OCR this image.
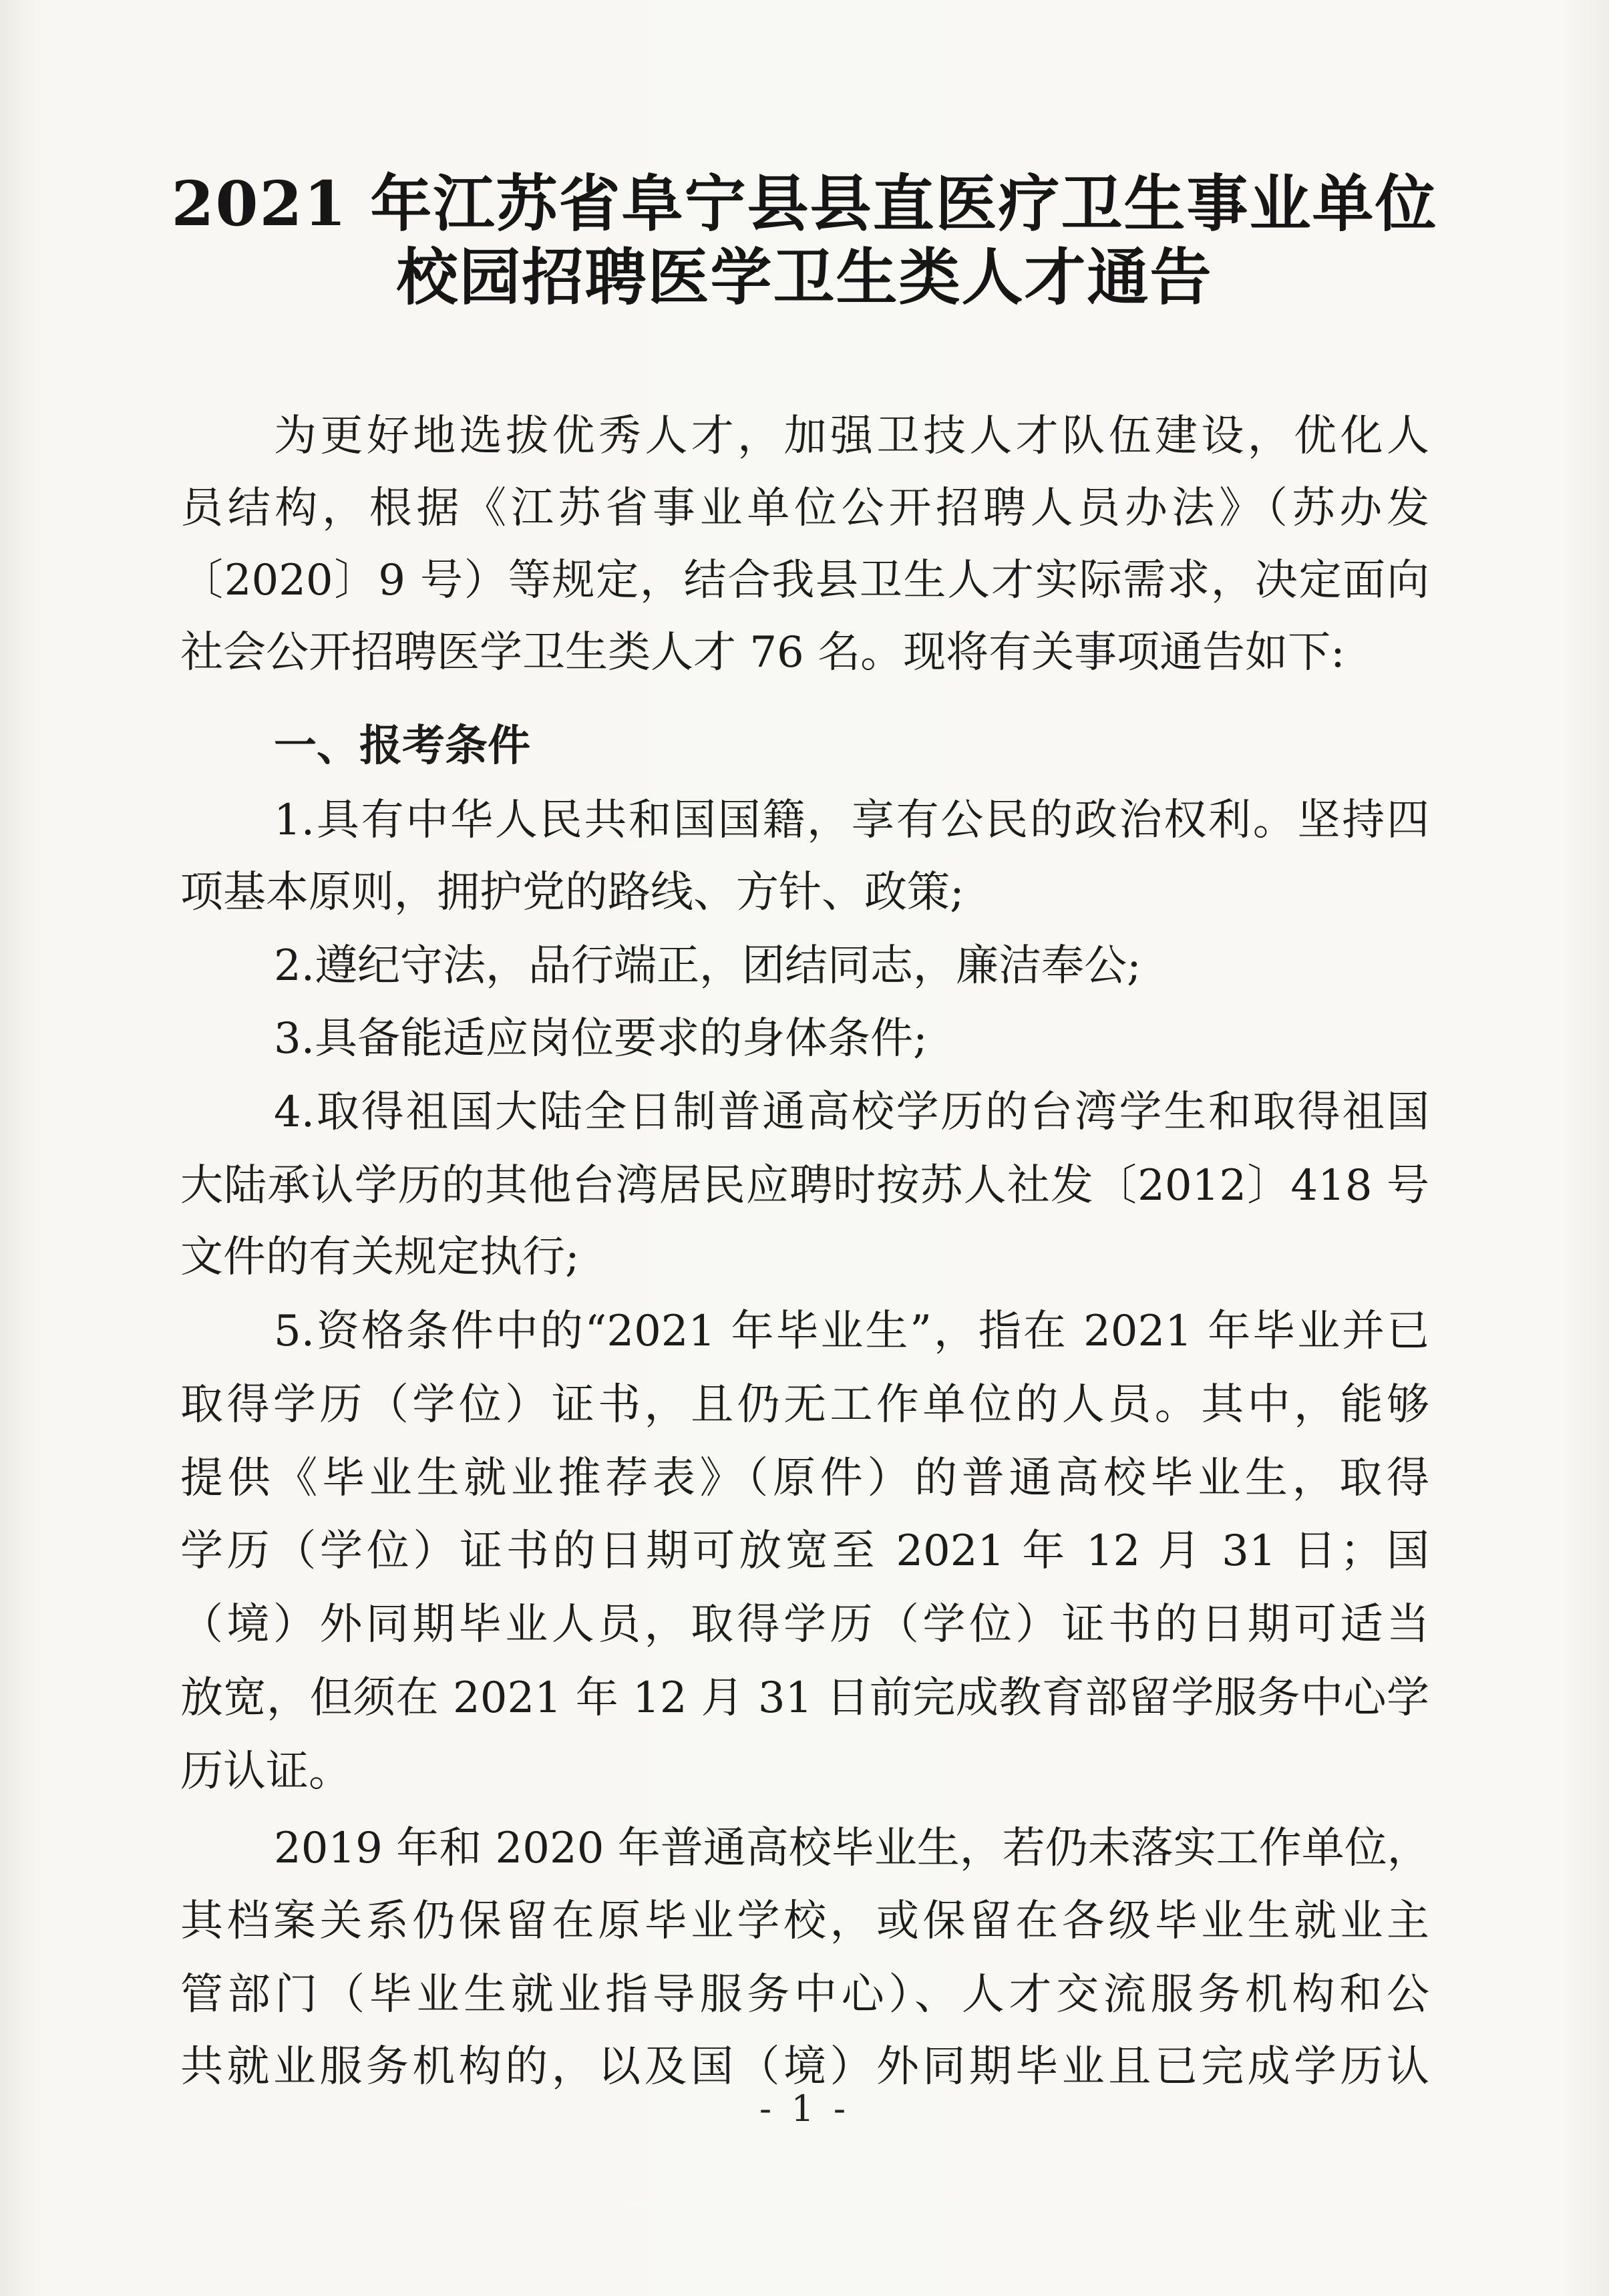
2021 年江苏省阜宁县县直医疗卫生事业单位
校园招聘医学卫生类人才通告
为更好地选拔优秀人才，加强卫技人才队伍建设，优化人
员结构，根据《江苏省事业单位公开招聘人员办法》（苏办发
〔2020〕9 号）等规定，结合我县卫生人才实际需求，决定面向
社会公开招聘医学卫生类人才 76 名。现将有关事项通告如下:
一、报考条件
1.具有中华人民共和国国籍，享有公民的政治权利。坚持四
项基本原则，拥护党的路线、方针、政策;
2.遵纪守法，品行端正，团结同志，廉洁奉公;
3.具备能适应岗位要求的身体条件;
4.取得祖国大陆全日制普通高校学历的台湾学生和取得祖国
大陆承认学历的其他台湾居民应聘时按苏人社发〔2012〕418 号
文件的有关规定执行;
5.资格条件中的“2021 年毕业生”，指在 2021 年毕业并已
取得学历（学位）证书，且仍无工作单位的人员。其中，能够
提供《毕业生就业推荐表》（原件）的普通高校毕业生，取得
学历（学位）证书的日期可放宽至 2021 年 12 月 31 日；国
（境）外同期毕业人员，取得学历（学位）证书的日期可适当
放宽，但须在 2021 年 12 月 31 日前完成教育部留学服务中心学
历认证。
2019 年和 2020 年普通高校毕业生，若仍未落实工作单位，
其档案关系仍保留在原毕业学校，或保留在各级毕业生就业主
管部门（毕业生就业指导服务中心）、人才交流服务机构和公
共就业服务机构的，以及国（境）外同期毕业且已完成学历认
- 1 -
